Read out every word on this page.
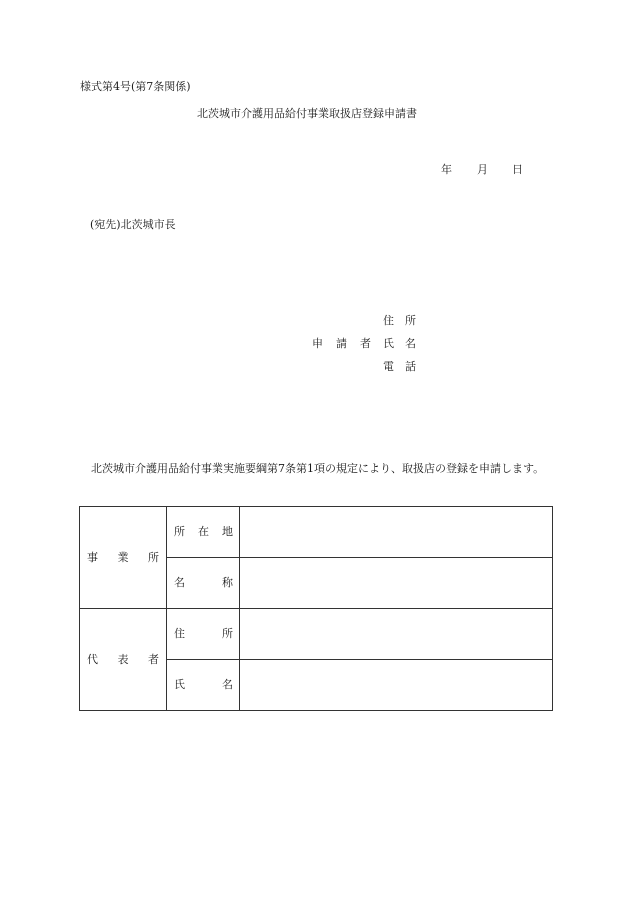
様式第4号(第7条関係)
北茨城市介護用品給付事業取扱店登録申請書
年 月 日
(宛先)北茨城市長
住 所
申 請 者 氏 名
電 話
北茨城市介護用品給付事業実施要綱第7条第1項の規定により、取扱店の登録を申請します。
事 業 所	所 在 地	

	名 称	

代 表 者	住 所	

	氏 名	
